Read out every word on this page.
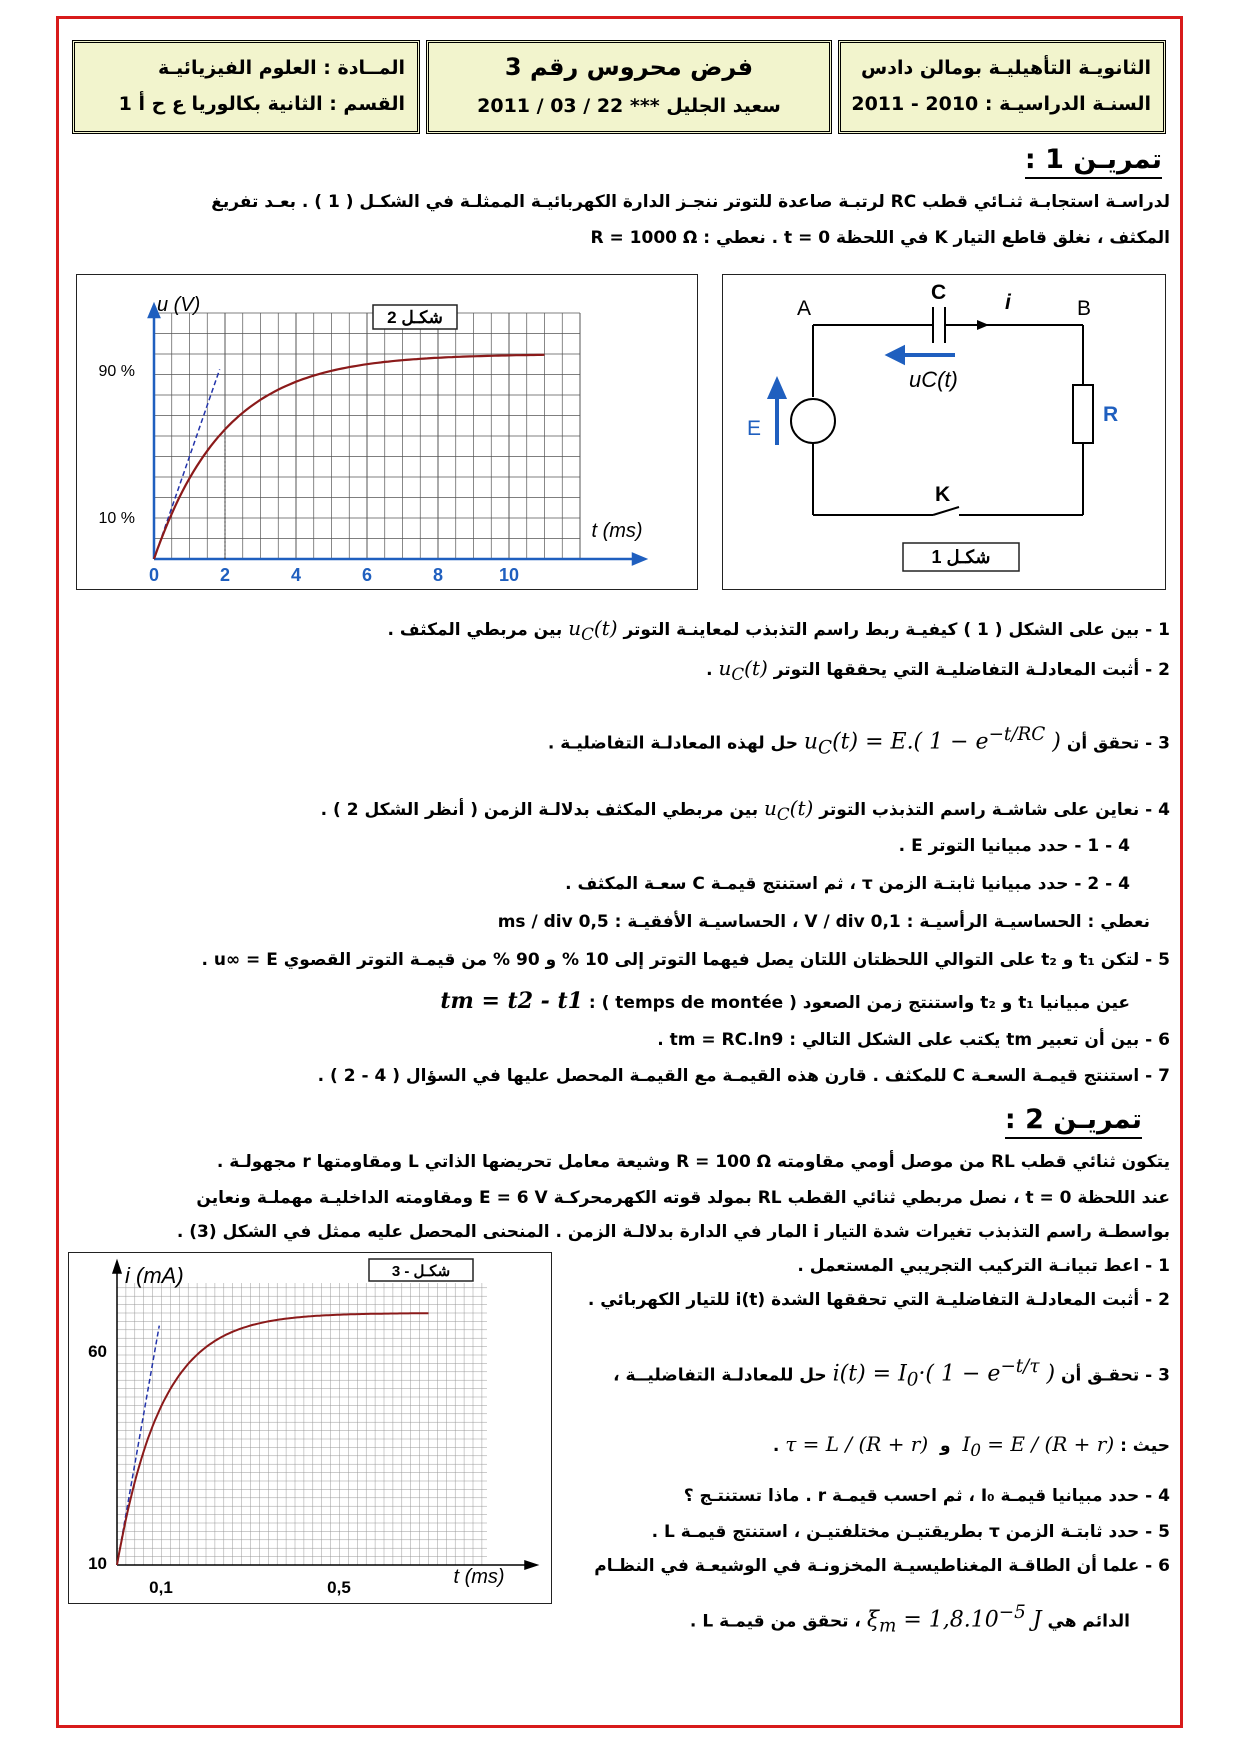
الثانويـة التأهيليـة بومالن دادس
السنـة الدراسيـة : 2010 - 2011
فرض محروس رقم 3
سعيد الجليل *** 22 / 03 / 2011
المــادة : العلوم الفيزيائيـة
القسم : الثانية بكالوريا ع ح أ 1
تمريـن 1 :
لدراسـة استجابـة ثنـائي قطب RC لرتبـة صاعدة للتوتر ننجـز الدارة الكهربائيـة الممثلـة في الشكـل ( 1 ) . بعـد تفريغ
المكثف ، نغلق قاطع التيار K في اللحظة t = 0 . نعطي : R = 1000 Ω
u (V)
t (ms)
90 %
10 %
0	2	4	6	8	10
شكـل 2	A	B
C	i
E
R
K
uC(t)
شكـل 1
1 - بين على الشكل ( 1 ) كيفيـة ربط راسم التذبذب لمعاينـة التوتر $u_C(t)$ بين مربطي المكثف .
2 - أثبت المعادلـة التفاضليـة التي يحققها التوتر $u_C(t)$ .
3 - تحقق أن $u_C(t) = E$.( $1 - e^{-t/RC}$ ) حل لهذه المعادلـة التفاضليـة .
4 - نعاين على شاشـة راسم التذبذب التوتر $u_C(t)$ بين مربطي المكثف بدلالـة الزمن ( أنظر الشكل 2 ) .
4 - 1 - حدد مبيانيا التوتر E .
4 - 2 - حدد مبيانيا ثابتـة الزمن τ ، ثم استنتج قيمـة C سعـة المكثف .
نعطي : الحساسيـة الرأسيـة : 0,1 V / div ، الحساسيـة الأفقيـة : 0,5 ms / div
5 - لتكن t₁ و t₂ على التوالي اللحظتان اللتان يصل فيهما التوتر إلى 10 % و 90 % من قيمـة التوتر القصوي u∞ = E .
عين مبيانيا t₁ و t₂ واستنتج زمن الصعود ( temps de montée ) : tm = t2 - t1
6 - بين أن تعبير tm يكتب على الشكل التالي : tm = RC.ln9 .
7 - استنتج قيمـة السعـة C للمكثف . قارن هذه القيمـة مع القيمـة المحصل عليها في السؤال ( 4 - 2 ) .
تمريـن 2 :
يتكون ثنائي قطب RL من موصل أومي مقاومته R = 100 Ω وشيعة معامل تحريضها الذاتي L ومقاومتها r مجهولـة .
عند اللحظة t = 0 ، نصل مربطي ثنائي القطب RL بمولد قوته الكهرمحركـة E = 6 V ومقاومته الداخليـة مهملـة ونعاين
بواسطـة راسم التذبذب تغيرات شدة التيار i المار في الدارة بدلالـة الزمن . المنحنى المحصل عليه ممثل في الشكل (3) .
i (mA)
t (ms)
60
10
0,1	0,5
شكـل - 3	1 - اعط تبيانـة التركيب التجريبي المستعمل .
2 - أثبت المعادلـة التفاضليـة التي تحققها الشدة i(t) للتيار الكهربائي .
3 - تحقـق أن $i(t) = I_0\cdot$( $1 - e^{-t/\tau}$ ) حل للمعادلـة التفاضليــة ،
حيث : $I_0 = E / (R + r)$  و  τ = L / (R + r) .
4 - حدد مبيانيا قيمـة I₀ ، ثم احسب قيمـة r . ماذا تستنتـج ؟
5 - حدد ثابتـة الزمن τ بطريقتيـن مختلفتيـن ، استنتج قيمـة L .
6 - علما أن الطاقـة المغناطيسيـة المخزونـة في الوشيعـة في النظـام
الدائم هي $\xi_m = 1,8.10^{-5}$ J ، تحقق من قيمـة L .
